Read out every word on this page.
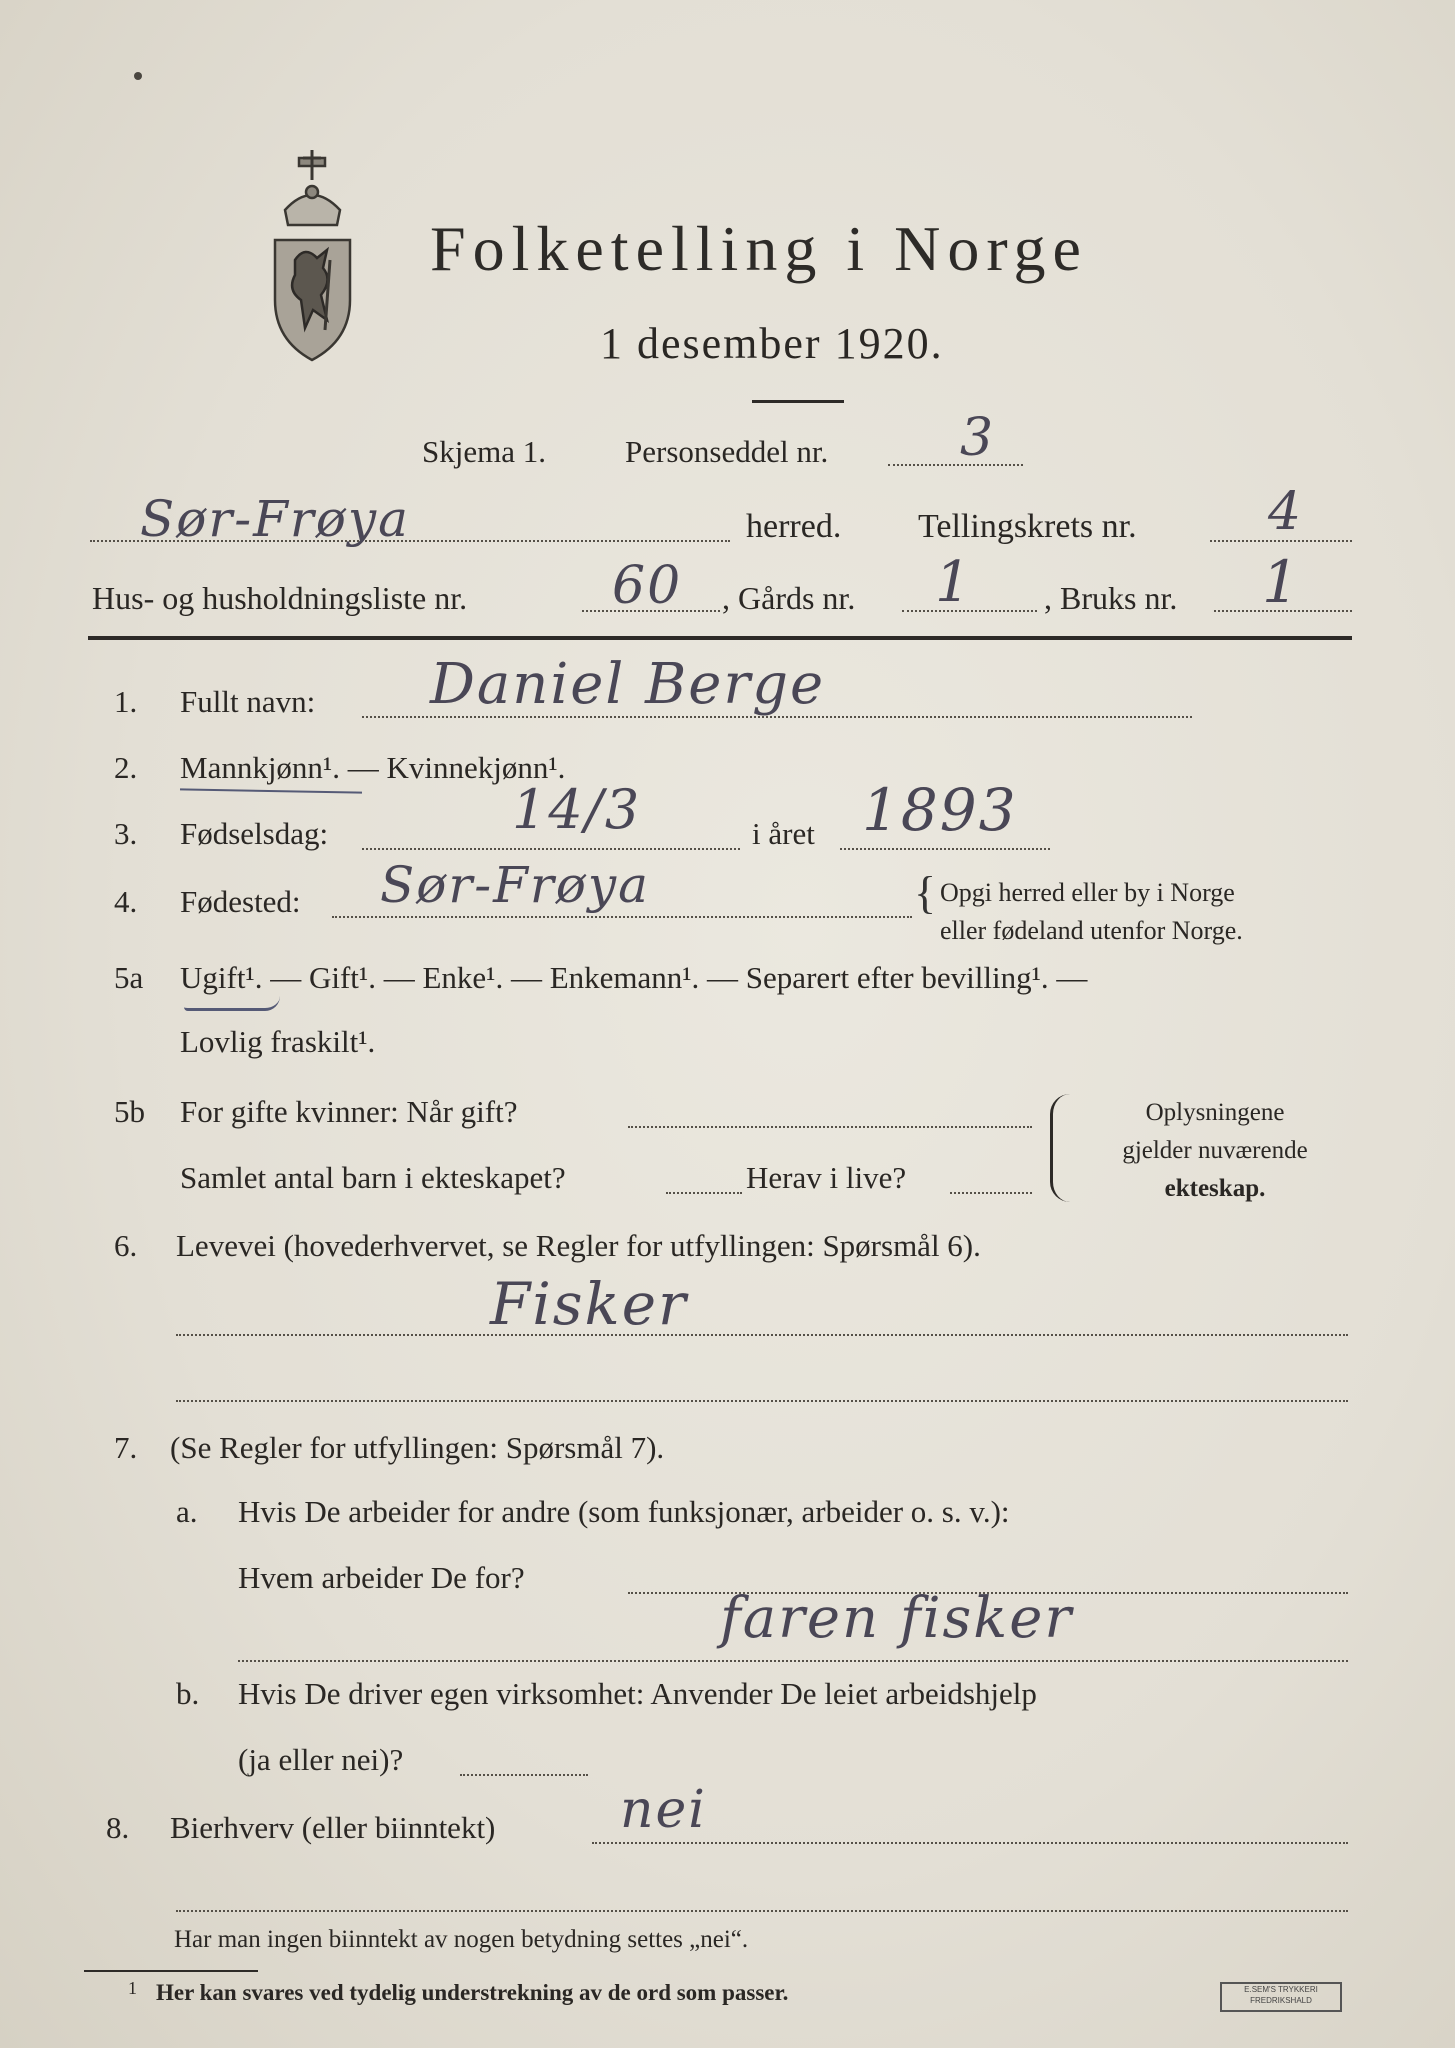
Folketelling i Norge
1 desember 1920.
Skjema 1.	Personseddel nr.	3
Sør-Frøya	herred. Tellingskrets nr.	4
Hus- og husholdningsliste nr.	60 , Gårds nr. 1 , Bruks nr. 1
1. Fullt navn: Daniel Berge
2. Mannkjønn¹. — Kvinnekjønn¹.
3. Fødselsdag:	14/3	i året 1893
4. Fødested: Sør-Frøya	{ Opgi herred eller by i Norge
eller fødeland utenfor Norge.
5a Ugift¹. — Gift¹. — Enke¹. — Enkemann¹. — Separert efter bevilling¹. —
Lovlig fraskilt¹.
5b For gifte kvinner: Når gift?
Samlet antal barn i ekteskapet?	Herav i live?
Oplysningene
gjelder nuværende
ekteskap.
6. Levevei (hovederhvervet, se Regler for utfyllingen: Spørsmål 6).
Fisker
7. (Se Regler for utfyllingen: Spørsmål 7).
a. Hvis De arbeider for andre (som funksjonær, arbeider o. s. v.):
Hvem arbeider De for?
faren fisker
b. Hvis De driver egen virksomhet: Anvender De leiet arbeidshjelp
(ja eller nei)?
8. Bierhverv (eller biinntekt) nei
Har man ingen biinntekt av nogen betydning settes „nei“.
1 Her kan svares ved tydelig understrekning av de ord som passer.	E.SEM'S TRYKKERI FREDRIKSHALD
